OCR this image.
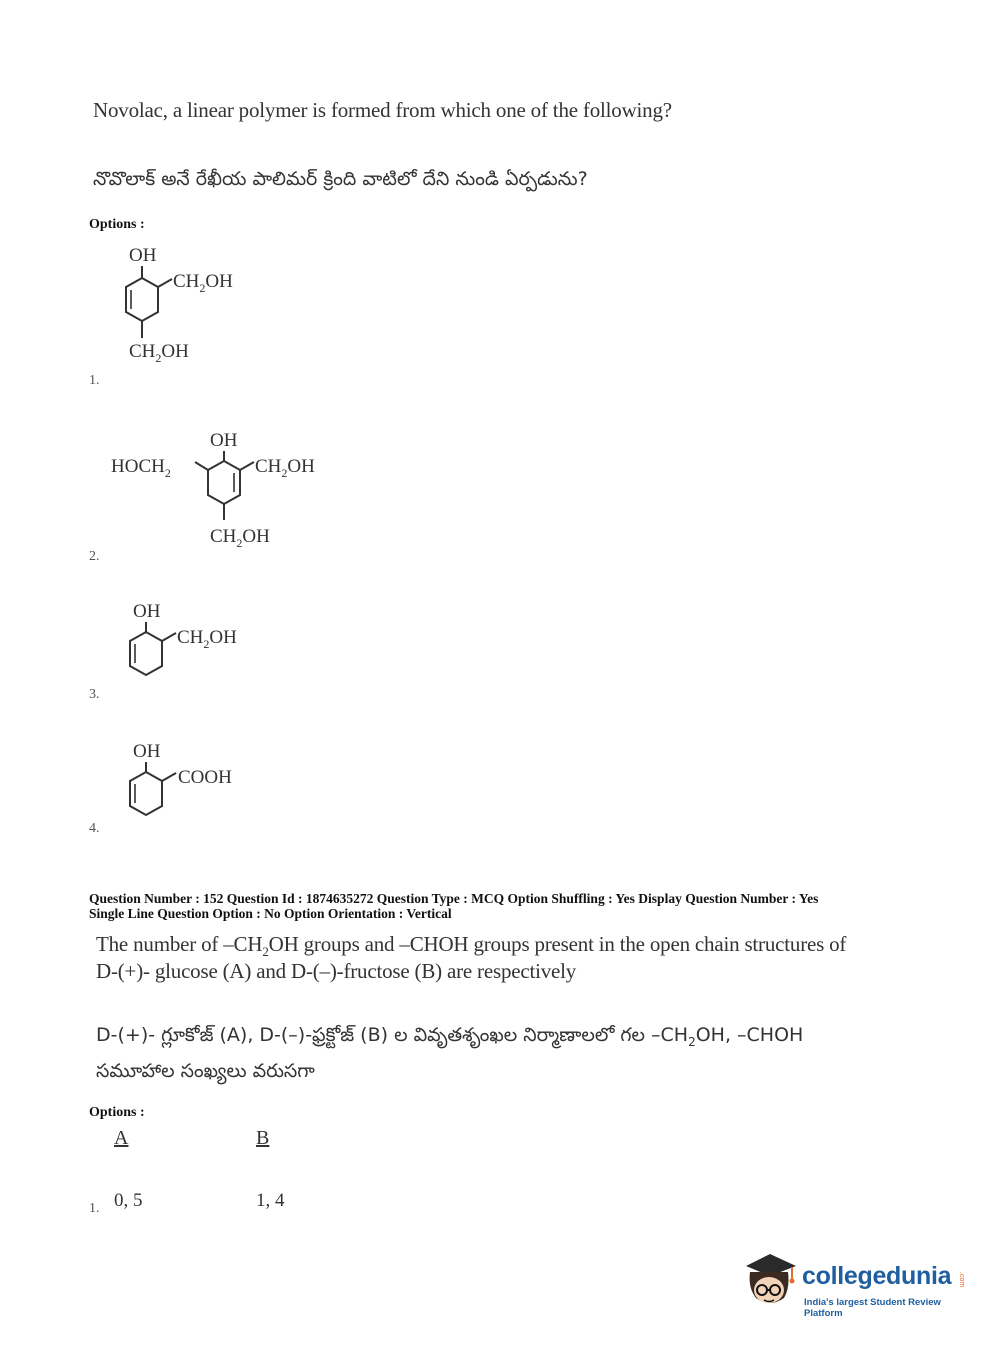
Novolac, a linear polymer is formed from which one of the following?
నొవొలాక్ అనే రేఖీయ పాలిమర్ క్రింది వాటిలో దేని నుండి ఏర్పడును?
Options :
OH
$CH_2OH$
$CH_2OH$
1.
OH
$HOCH_2$	$CH_2OH$
$CH_2OH$
2.
OH
$CH_2OH$
3.
OH
COOH
4.
Question Number : 152 Question Id : 1874635272 Question Type : MCQ Option Shuffling : Yes Display Question Number : Yes
Single Line Question Option : No Option Orientation : Vertical
The number of $-CH_2OH$ groups and –CHOH groups present in the open chain structures of
D-(+)- glucose (A) and D-(–)-fructose (B) are respectively
D-(+)- గ్లూకోజ్ (A), D-(–)-ఫ్రక్టోజ్ (B) ల వివృతశృంఖల నిర్మాణాలలో గల $-CH_2OH$, –CHOH
సమూహాల సంఖ్యలు వరుసగా
Options :
A	B
1. 0, 5	1, 4
collegedunia .com
India's largest Student Review Platform
